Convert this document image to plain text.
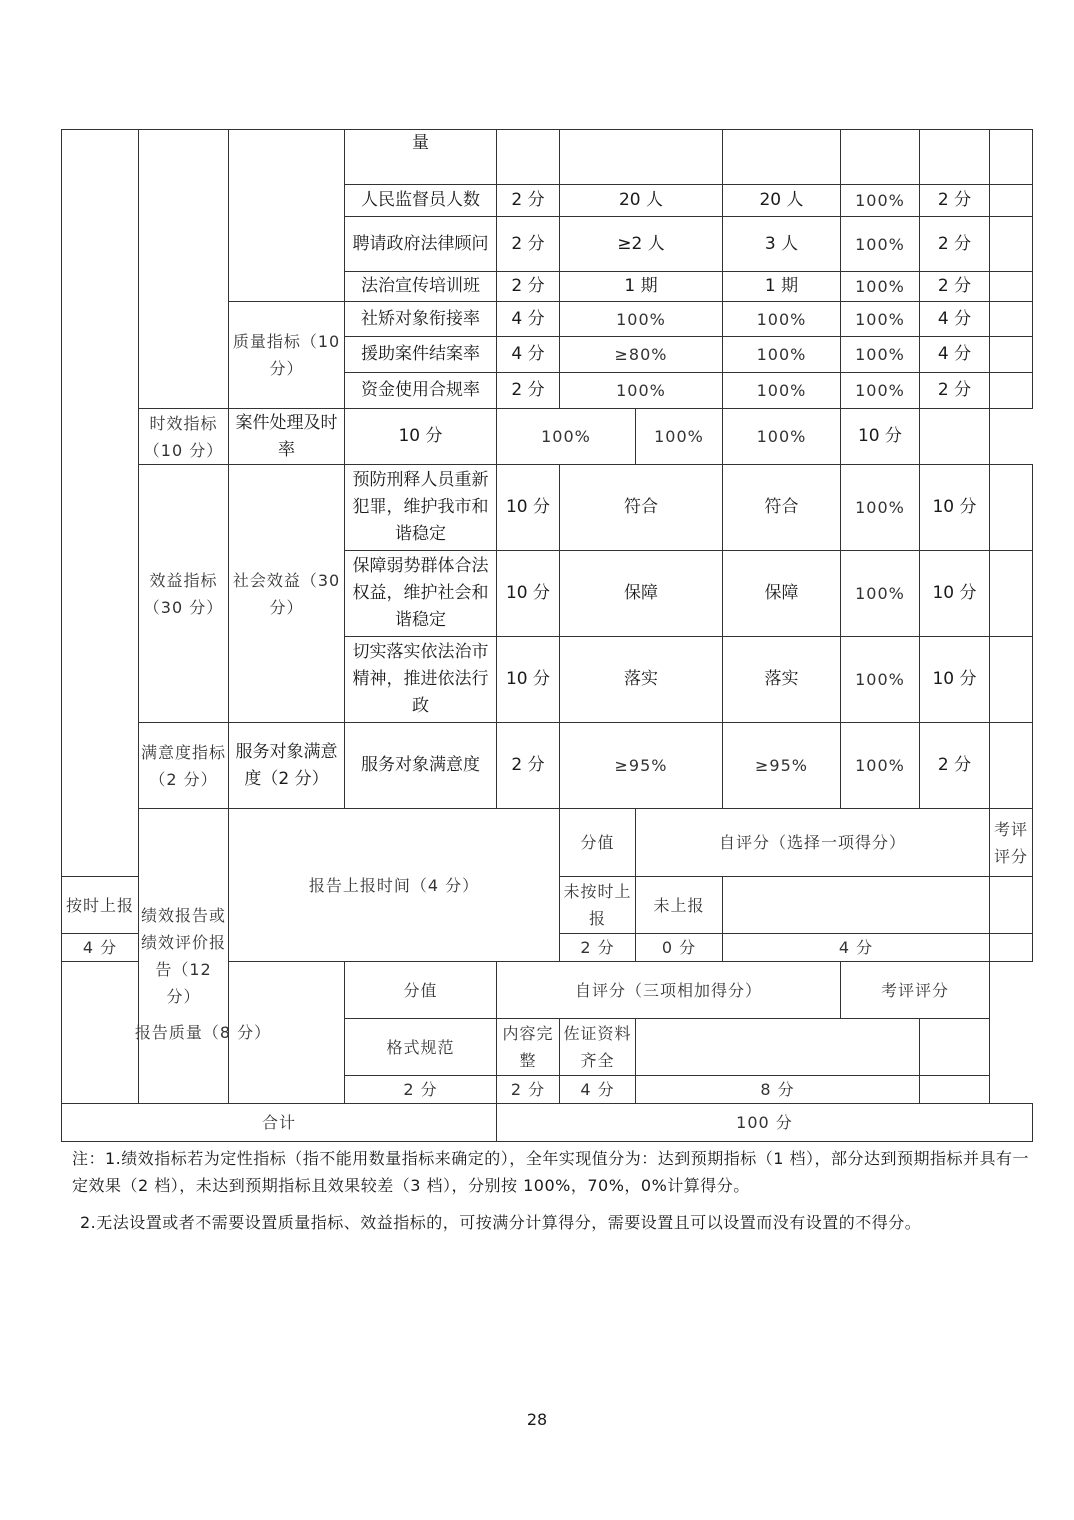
			量								
			人民监督员人数	2 分	20 人		20 人	100%	2 分		
			聘请政府法律顾问	2 分	≥2 人		3 人	100%	2 分		
			法治宣传培训班	2 分	1 期		1 期	100%	2 分		
		质量指标（10 分）	社矫对象衔接率	4 分	100%		100%	100%	4 分		
			援助案件结案率	4 分	≥80%		100%	100%	4 分		
			资金使用合规率	2 分	100%		100%	100%	2 分		
	时效指标（10 分）	案件处理及时率	10 分	100%		100%	100%	10 分			
	效益指标（30 分）	社会效益（30 分）	预防刑释人员重新犯罪，维护我市和谐稳定	10 分	符合		符合	100%	10 分		
			保障弱势群体合法权益，维护社会和谐稳定	10 分	保障		保障	100%	10 分		
			切实落实依法治市精神，推进依法行政	10 分	落实		落实	100%	10 分		
	满意度指标（2 分）	服务对象满意度（2 分）	服务对象满意度	2 分	≥95%		≥95%	100%	2 分		
	绩效报告或绩效评价报告（12 分）	报告上报时间（4 分）			分值	自评分（选择一项得分）				考评评分	
按时上报					未按时上报	未上报					
4 分					2 分	0 分	4 分				
报告质量（8 分）			分值	自评分（三项相加得分）				考评评分			
			格式规范	内容完整	佐证资料齐全						
			2 分	2 分	4 分	8 分					
合计				100 分							
注：1.绩效指标若为定性指标（指不能用数量指标来确定的），全年实现值分为：达到预期指标（1 档），部分达到预期指标并具有一定效果（2 档），未达到预期指标且效果较差（3 档），分别按 100%，70%，0%计算得分。
2.无法设置或者不需要设置质量指标、效益指标的，可按满分计算得分，需要设置且可以设置而没有设置的不得分。
28
